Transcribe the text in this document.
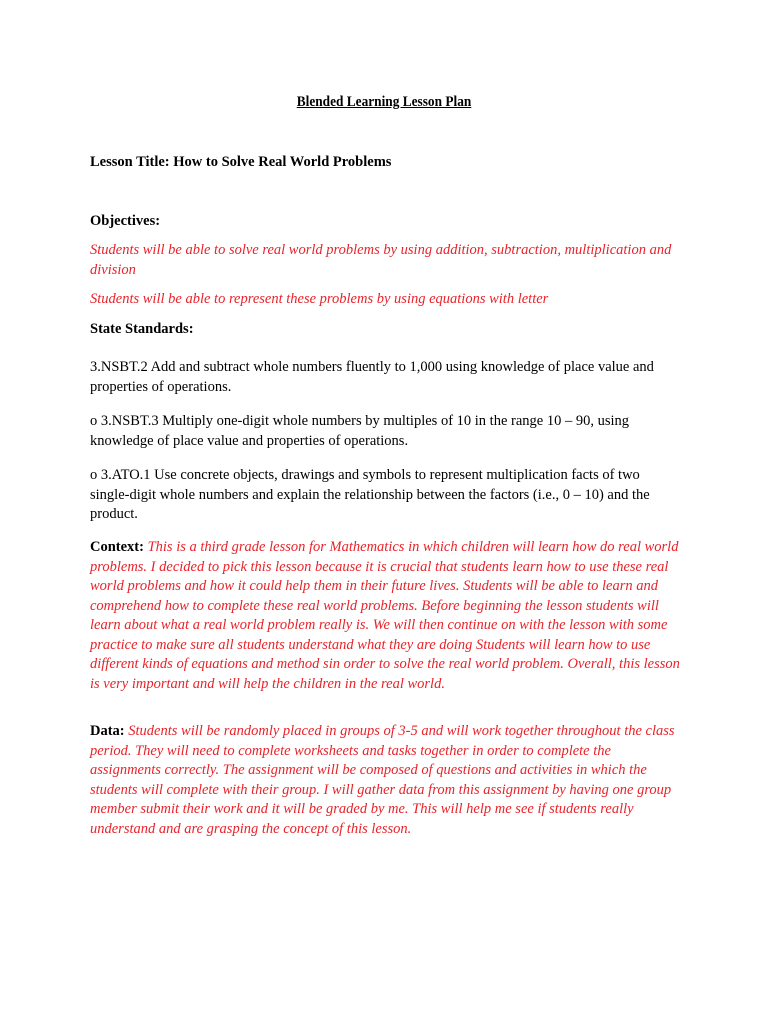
Blended Learning Lesson Plan
Lesson Title: How to Solve Real World Problems
Objectives:
Students will be able to solve real world problems by using addition, subtraction, multiplication and division
Students will be able to represent these problems by using equations with letter
State Standards:
3.NSBT.2 Add and subtract whole numbers fluently to 1,000 using knowledge of place value and properties of operations.
o 3.NSBT.3 Multiply one-digit whole numbers by multiples of 10 in the range 10 – 90, using knowledge of place value and properties of operations.
o 3.ATO.1 Use concrete objects, drawings and symbols to represent multiplication facts of two single-digit whole numbers and explain the relationship between the factors (i.e., 0 – 10) and the product.
Context: This is a third grade lesson for Mathematics in which children will learn how do real world problems. I decided to pick this lesson because it is crucial that students learn how to use these real world problems and how it could help them in their future lives. Students will be able to learn and comprehend how to complete these real world problems. Before beginning the lesson students will learn about what a real world problem really is. We will then continue on with the lesson with some practice to make sure all students understand what they are doing Students will learn how to use different kinds of equations and method sin order to solve the real world problem. Overall, this lesson is very important and will help the children in the real world.
Data: Students will be randomly placed in groups of 3-5 and will work together throughout the class period. They will need to complete worksheets and tasks together in order to complete the assignments correctly. The assignment will be composed of questions and activities in which the students will complete with their group. I will gather data from this assignment by having one group member submit their work and it will be graded by me. This will help me see if students really understand and are grasping the concept of this lesson.
